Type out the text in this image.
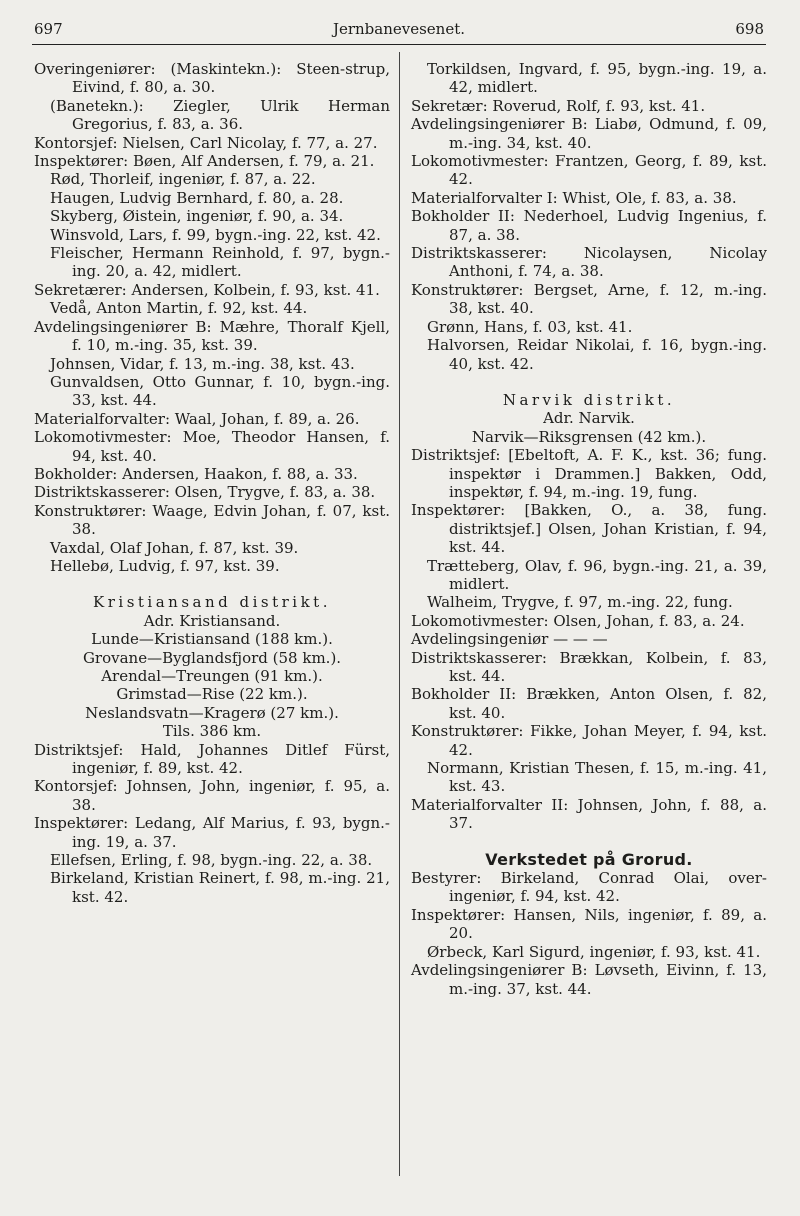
697	Jernbanevesenet.	698

Overingeniører: (Maskintekn.): Steen-strup, Eivind, f. 80, a. 30.

(Banetekn.): Ziegler, Ulrik Herman Gregorius, f. 83, a. 36.

Kontorsjef: Nielsen, Carl Nicolay, f. 77, a. 27.

Inspektører: Bøen, Alf Andersen, f. 79, a. 21.

Rød, Thorleif, ingeniør, f. 87, a. 22.

Haugen, Ludvig Bernhard, f. 80, a. 28.

Skyberg, Øistein, ingeniør, f. 90, a. 34.

Winsvold, Lars, f. 99, bygn.-ing. 22, kst. 42.

Fleischer, Hermann Reinhold, f. 97, bygn.-ing. 20, a. 42, midlert.

Sekretærer: Andersen, Kolbein, f. 93, kst. 41.

Vedå, Anton Martin, f. 92, kst. 44.

Avdelingsingeniører B: Mæhre, Thoralf Kjell, f. 10, m.-ing. 35, kst. 39.

Johnsen, Vidar, f. 13, m.-ing. 38, kst. 43.

Gunvaldsen, Otto Gunnar, f. 10, bygn.-ing. 33, kst. 44.

Materialforvalter: Waal, Johan, f. 89, a. 26.

Lokomotivmester: Moe, Theodor Hansen, f. 94, kst. 40.

Bokholder: Andersen, Haakon, f. 88, a. 33.

Distriktskasserer: Olsen, Trygve, f. 83, a. 38.

Konstruktører: Waage, Edvin Johan, f. 07, kst. 38.

Vaxdal, Olaf Johan, f. 87, kst. 39.

Hellebø, Ludvig, f. 97, kst. 39.

Kristiansand distrikt.

Adr. Kristiansand.

Lunde—Kristiansand (188 km.).

Grovane—Byglandsfjord (58 km.).

Arendal—Treungen (91 km.).

Grimstad—Rise (22 km.).

Neslandsvatn—Kragerø (27 km.).

Tils. 386 km.

Distriktsjef: Hald, Johannes Ditlef Fürst, ingeniør, f. 89, kst. 42.

Kontorsjef: Johnsen, John, ingeniør, f. 95, a. 38.

Inspektører: Ledang, Alf Marius, f. 93, bygn.-ing. 19, a. 37.

Ellefsen, Erling, f. 98, bygn.-ing. 22, a. 38.

Birkeland, Kristian Reinert, f. 98, m.-ing. 21, kst. 42.

Torkildsen, Ingvard, f. 95, bygn.-ing. 19, a. 42, midlert.

Sekretær: Roverud, Rolf, f. 93, kst. 41.

Avdelingsingeniører B: Liabø, Odmund, f. 09, m.-ing. 34, kst. 40.

Lokomotivmester: Frantzen, Georg, f. 89, kst. 42.

Materialforvalter I: Whist, Ole, f. 83, a. 38.

Bokholder II: Nederhoel, Ludvig Ingenius, f. 87, a. 38.

Distriktskasserer: Nicolaysen, Nicolay Anthoni, f. 74, a. 38.

Konstruktører: Bergset, Arne, f. 12, m.-ing. 38, kst. 40.

Grønn, Hans, f. 03, kst. 41.

Halvorsen, Reidar Nikolai, f. 16, bygn.-ing. 40, kst. 42.

Narvik distrikt.

Adr. Narvik.

Narvik—Riksgrensen (42 km.).

Distriktsjef: [Ebeltoft, A. F. K., kst. 36; fung. inspektør i Drammen.] Bakken, Odd, inspektør, f. 94, m.-ing. 19, fung.

Inspektører: [Bakken, O., a. 38, fung. distriktsjef.] Olsen, Johan Kristian, f. 94, kst. 44.

Trætteberg, Olav, f. 96, bygn.-ing. 21, a. 39, midlert.

Walheim, Trygve, f. 97, m.-ing. 22, fung.

Lokomotivmester: Olsen, Johan, f. 83, a. 24.

Avdelingsingeniør — — —

Distriktskasserer: Brækkan, Kolbein, f. 83, kst. 44.

Bokholder II: Brækken, Anton Olsen, f. 82, kst. 40.

Konstruktører: Fikke, Johan Meyer, f. 94, kst. 42.

Normann, Kristian Thesen, f. 15, m.-ing. 41, kst. 43.

Materialforvalter II: Johnsen, John, f. 88, a. 37.

Verkstedet på Grorud.

Bestyrer: Birkeland, Conrad Olai, over-ingeniør, f. 94, kst. 42.

Inspektører: Hansen, Nils, ingeniør, f. 89, a. 20.

Ørbeck, Karl Sigurd, ingeniør, f. 93, kst. 41.

Avdelingsingeniører B: Løvseth, Eivinn, f. 13, m.-ing. 37, kst. 44.
